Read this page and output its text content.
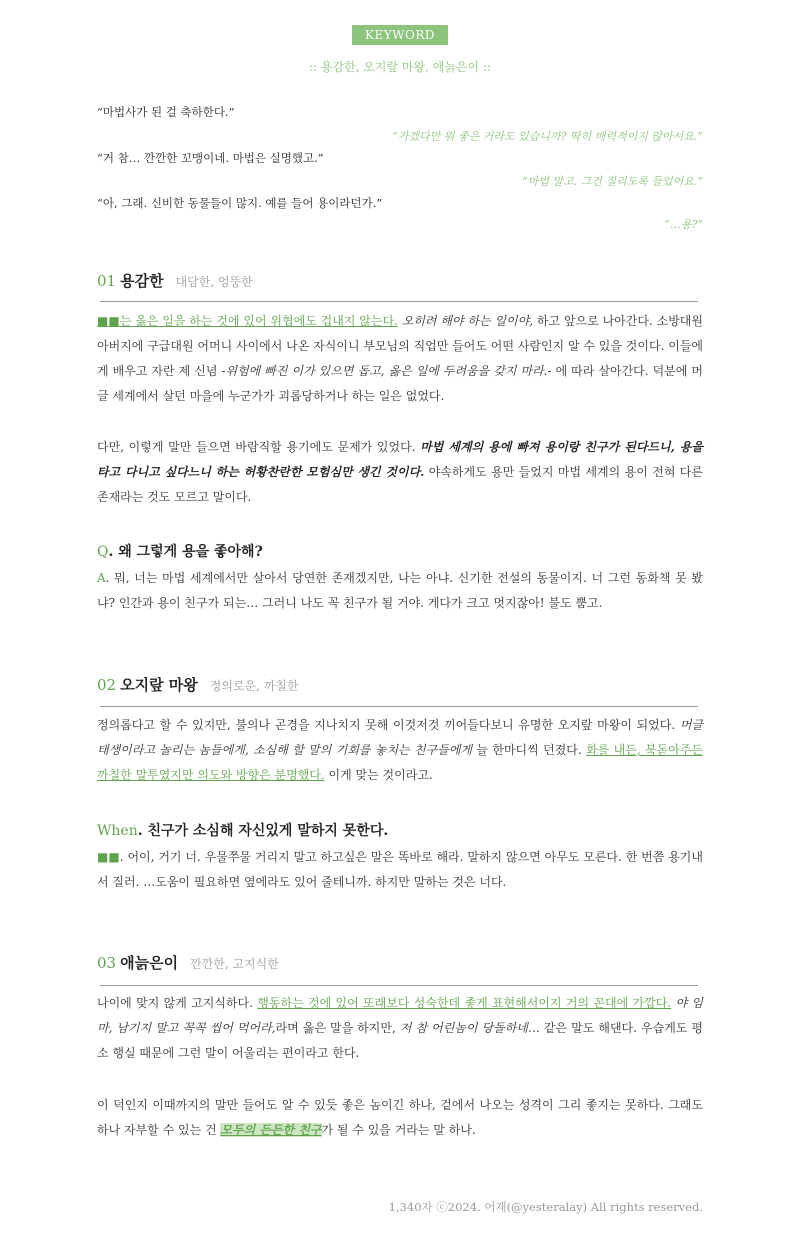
KEYWORD
:: 용감한, 오지랖 마왕, 애늙은이 ::
“마법사가 된 걸 축하한다.”
“가겠다만 뭐 좋은 거라도 있습니까? 딱히 매력적이지 않아서요.”
“거 참… 깐깐한 꼬맹이네. 마법은 실명했고.”
“마법 말고. 그건 질리도록 들었어요.”
“아, 그래. 신비한 동물들이 많지. 예를 들어 용이라던가.”
“…용?”
01 용감한 대담한, 엉뚱한
■■는 옳은 일을 하는 것에 있어 위협에도 겁내지 않는다. 오히려 해야 하는 일이야, 하고 앞으로 나아간다. 소방대원 아버지에 구급대원 어머니 사이에서 나온 자식이니 부모님의 직업만 들어도 어떤 사람인지 알 수 있을 것이다. 이들에게 배우고 자란 제 신념 -위험에 빠진 이가 있으면 돕고, 옳은 일에 두려움을 갖지 마라.- 에 따라 살아간다. 덕분에 머글 세계에서 살던 마을에 누군가가 괴롭당하거나 하는 일은 없었다.
다만, 이렇게 말만 들으면 바람직할 용기에도 문제가 있었다. 마법 세계의 용에 빠져 용이랑 친구가 된다드니, 용을 타고 다니고 싶다느니 하는 허황찬란한 모험심만 생긴 것이다. 야속하게도 용만 들었지 마법 세계의 용이 전혀 다른 존재라는 것도 모르고 말이다.
Q. 왜 그렇게 용을 좋아해?
A. 뭐, 너는 마법 세계에서만 살아서 당연한 존재겠지만, 나는 아냐. 신기한 전설의 동물이지. 너 그런 동화책 못 봤냐? 인간과 용이 친구가 되는… 그러니 나도 꼭 친구가 될 거야. 게다가 크고 멋지잖아! 불도 뿜고.
02 오지랖 마왕 정의로운, 까칠한
정의롭다고 할 수 있지만, 불의나 곤경을 지나치지 못해 이것저것 끼어들다보니 유명한 오지랖 마왕이 되었다. 머글 태생이라고 놀리는 놈들에게, 소심해 할 말의 기회를 놓치는 친구들에게 늘 한마디씩 던졌다. 화를 내든, 북돋아주든 까칠한 말투였지만 의도와 방향은 분명했다. 이게 맞는 것이라고.
When. 친구가 소심해 자신있게 말하지 못한다.
■■. 어이, 거기 너. 우물쭈물 거리지 말고 하고싶은 말은 똑바로 해라. 말하지 않으면 아무도 모른다. 한 번쯤 용기내서 질러. …도움이 필요하면 옆에라도 있어 줄테니까. 하지만 말하는 것은 너다.
03 애늙은이 깐깐한, 고지식한
나이에 맞지 않게 고지식하다. 행동하는 것에 있어 또래보다 성숙한데 좋게 표현해서이지 거의 꼰대에 가깝다. 야 임마, 남기지 말고 꼭꼭 씹어 먹어라,라며 옳은 말을 하지만, 저 참 어린놈이 당돌하네… 같은 말도 해댄다. 우습게도 평소 행실 때문에 그런 말이 어울리는 편이라고 한다.
이 덕인지 이때까지의 말만 들어도 알 수 있듯 좋은 놈이긴 하나, 겉에서 나오는 성격이 그리 좋지는 못하다. 그래도 하나 자부할 수 있는 건 모두의 든든한 친구가 될 수 있을 거라는 말 하나.
1,340자 ⓒ2024. 어재(@yesteralay) All rights reserved.
